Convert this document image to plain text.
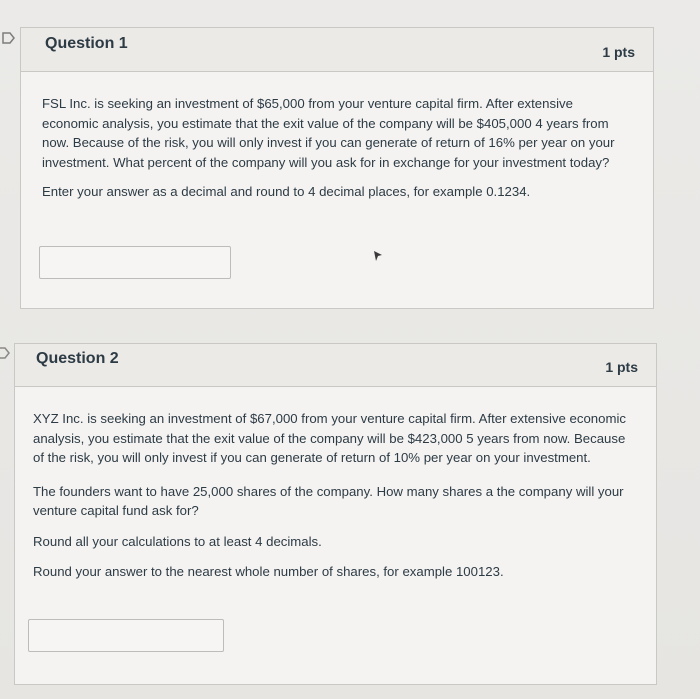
Question 1	1 pts

FSL Inc. is seeking an investment of $65,000 from your venture capital firm. After extensive economic analysis, you estimate that the exit value of the company will be $405,000 4 years from now. Because of the risk, you will only invest if you can generate of return of 16% per year on your investment. What percent of the company will you ask for in exchange for your investment today?

Enter your answer as a decimal and round to 4 decimal places, for example 0.1234.

Question 2	1 pts

XYZ Inc. is seeking an investment of $67,000 from your venture capital firm. After extensive economic analysis, you estimate that the exit value of the company will be $423,000 5 years from now. Because of the risk, you will only invest if you can generate of return of 10% per year on your investment.

The founders want to have 25,000 shares of the company. How many shares a the company will your venture capital fund ask for?

Round all your calculations to at least 4 decimals.

Round your answer to the nearest whole number of shares, for example 100123.
